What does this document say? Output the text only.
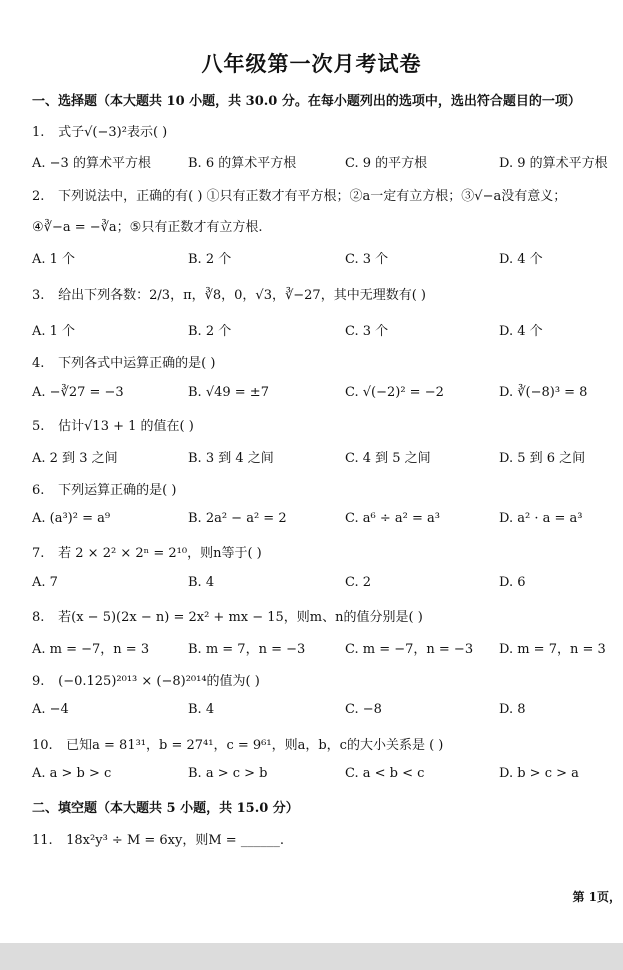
八年级第一次月考试卷
一、选择题（本大题共 10 小题，共 30.0 分。在每小题列出的选项中，选出符合题目的一项）
1. 式子√(−3)²表示( )
A. −3 的算术平方根	B. 6 的算术平方根	C. 9 的平方根	D. 9 的算术平方根
2. 下列说法中，正确的有( ) ①只有正数才有平方根；②a一定有立方根；③√−a没有意义；
④∛−a = −∛a；⑤只有正数才有立方根.
A. 1 个	B. 2 个	C. 3 个	D. 4 个
3. 给出下列各数：2/3，π，∛8，0，√3，∛−27，其中无理数有( )
A. 1 个	B. 2 个	C. 3 个	D. 4 个
4. 下列各式中运算正确的是( )
A. −∛27 = −3	B. √49 = ±7	C. √(−2)² = −2	D. ∛(−8)³ = 8
5. 估计√13 + 1 的值在( )
A. 2 到 3 之间	B. 3 到 4 之间	C. 4 到 5 之间	D. 5 到 6 之间
6. 下列运算正确的是( )
A. (a³)² = a⁹	B. 2a² − a² = 2	C. a⁶ ÷ a² = a³	D. a² · a = a³
7. 若 2 × 2² × 2ⁿ = 2¹⁰，则n等于( )
A. 7	B. 4	C. 2	D. 6
8. 若(x − 5)(2x − n) = 2x² + mx − 15，则m、n的值分别是( )
A. m = −7，n = 3	B. m = 7，n = −3	C. m = −7，n = −3 D. m = 7，n = 3
9. (−0.125)²⁰¹³ × (−8)²⁰¹⁴的值为( )
A. −4	B. 4	C. −8	D. 8
10. 已知a = 81³¹，b = 27⁴¹，c = 9⁶¹，则a，b，c的大小关系是 ( )
A. a > b > c	B. a > c > b	C. a < b < c	D. b > c > a
二、填空题（本大题共 5 小题，共 15.0 分）
11. 18x²y³ ÷ M = 6xy，则M = ______.
第 1页，
